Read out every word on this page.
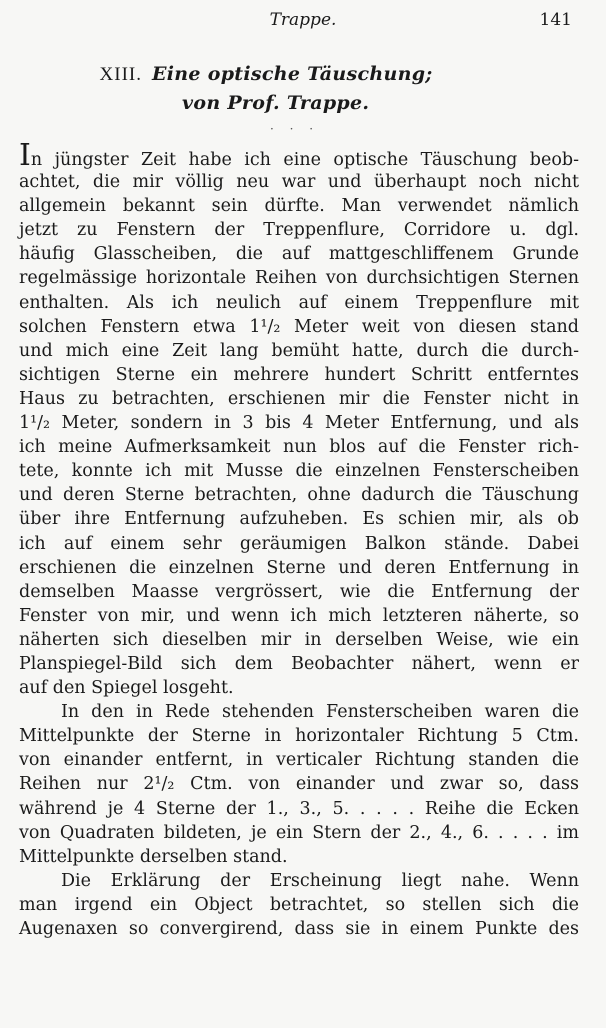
Trappe.	141
XIII. Eine optische Täuschung;
von Prof. Trappe.
· · ·
In jüngster Zeit habe ich eine optische Täuschung beob-
achtet, die mir völlig neu war und überhaupt noch nicht
allgemein bekannt sein dürfte. Man verwendet nämlich
jetzt zu Fenstern der Treppenflure, Corridore u. dgl.
häufig Glasscheiben, die auf mattgeschliffenem Grunde
regelmässige horizontale Reihen von durchsichtigen Sternen
enthalten. Als ich neulich auf einem Treppenflure mit
solchen Fenstern etwa 1¹/₂ Meter weit von diesen stand
und mich eine Zeit lang bemüht hatte, durch die durch-
sichtigen Sterne ein mehrere hundert Schritt entferntes
Haus zu betrachten, erschienen mir die Fenster nicht in
1¹/₂ Meter, sondern in 3 bis 4 Meter Entfernung, und als
ich meine Aufmerksamkeit nun blos auf die Fenster rich-
tete, konnte ich mit Musse die einzelnen Fensterscheiben
und deren Sterne betrachten, ohne dadurch die Täuschung
über ihre Entfernung aufzuheben. Es schien mir, als ob
ich auf einem sehr geräumigen Balkon stände. Dabei
erschienen die einzelnen Sterne und deren Entfernung in
demselben Maasse vergrössert, wie die Entfernung der
Fenster von mir, und wenn ich mich letzteren näherte, so
näherten sich dieselben mir in derselben Weise, wie ein
Planspiegel-Bild sich dem Beobachter nähert, wenn er
auf den Spiegel losgeht.
In den in Rede stehenden Fensterscheiben waren die
Mittelpunkte der Sterne in horizontaler Richtung 5 Ctm.
von einander entfernt, in verticaler Richtung standen die
Reihen nur 2¹/₂ Ctm. von einander und zwar so, dass
während je 4 Sterne der 1., 3., 5. . . . . Reihe die Ecken
von Quadraten bildeten, je ein Stern der 2., 4., 6. . . . . im
Mittelpunkte derselben stand.
Die Erklärung der Erscheinung liegt nahe. Wenn
man irgend ein Object betrachtet, so stellen sich die
Augenaxen so convergirend, dass sie in einem Punkte des
